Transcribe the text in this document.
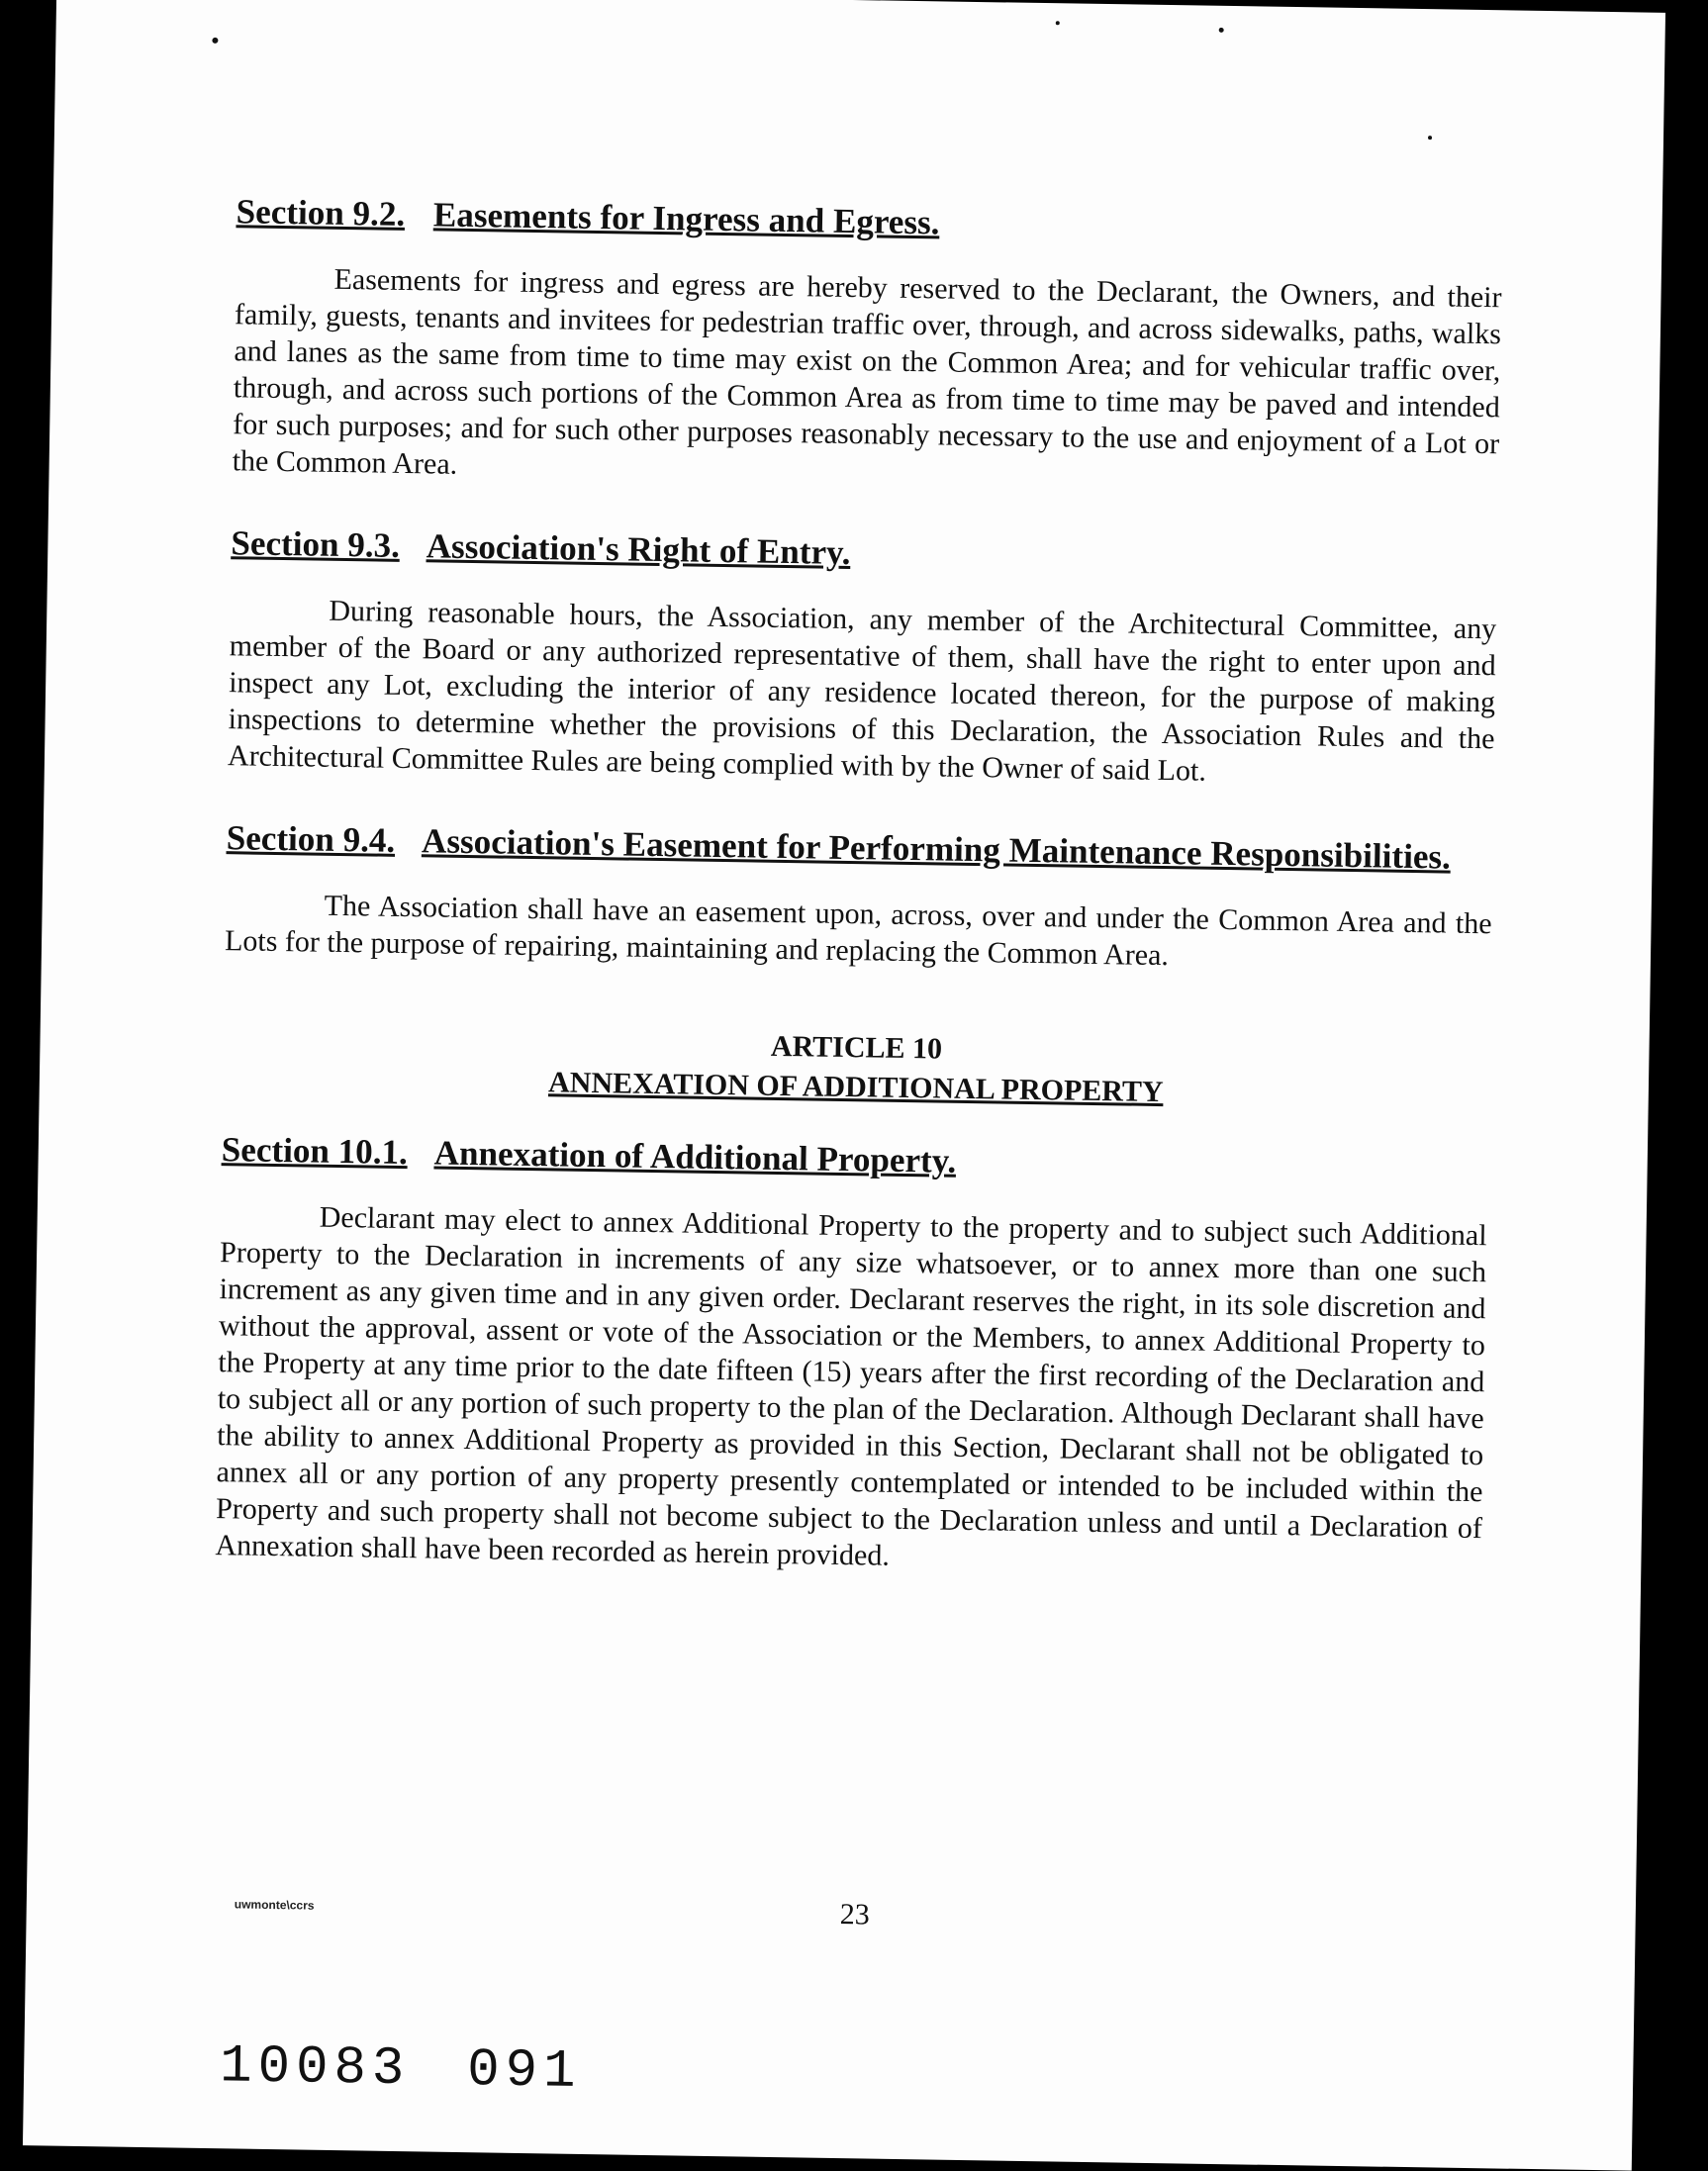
Section 9.2. Easements for Ingress and Egress.

Easements for ingress and egress are hereby reserved to the Declarant, the Owners, and their family, guests, tenants and invitees for pedestrian traffic over, through, and across sidewalks, paths, walks and lanes as the same from time to time may exist on the Common Area; and for vehicular traffic over, through, and across such portions of the Common Area as from time to time may be paved and intended for such purposes; and for such other purposes reasonably necessary to the use and enjoyment of a Lot or the Common Area.

Section 9.3. Association's Right of Entry.

During reasonable hours, the Association, any member of the Architectural Committee, any member of the Board or any authorized representative of them, shall have the right to enter upon and inspect any Lot, excluding the interior of any residence located thereon, for the purpose of making inspections to determine whether the provisions of this Declaration, the Association Rules and the Architectural Committee Rules are being complied with by the Owner of said Lot.

Section 9.4. Association's Easement for Performing Maintenance Responsibilities.

The Association shall have an easement upon, across, over and under the Common Area and the Lots for the purpose of repairing, maintaining and replacing the Common Area.

ARTICLE 10
ANNEXATION OF ADDITIONAL PROPERTY
Section 10.1. Annexation of Additional Property.

Declarant may elect to annex Additional Property to the property and to subject such Additional Property to the Declaration in increments of any size whatsoever, or to annex more than one such increment as any given time and in any given order. Declarant reserves the right, in its sole discretion and without the approval, assent or vote of the Association or the Members, to annex Additional Property to the Property at any time prior to the date fifteen (15) years after the first recording of the Declaration and to subject all or any portion of such property to the plan of the Declaration. Although Declarant shall have the ability to annex Additional Property as provided in this Section, Declarant shall not be obligated to annex all or any portion of any property presently contemplated or intended to be included within the Property and such property shall not become subject to the Declaration unless and until a Declaration of Annexation shall have been recorded as herein provided.

uwmonte\ccrs	23
10083 091
